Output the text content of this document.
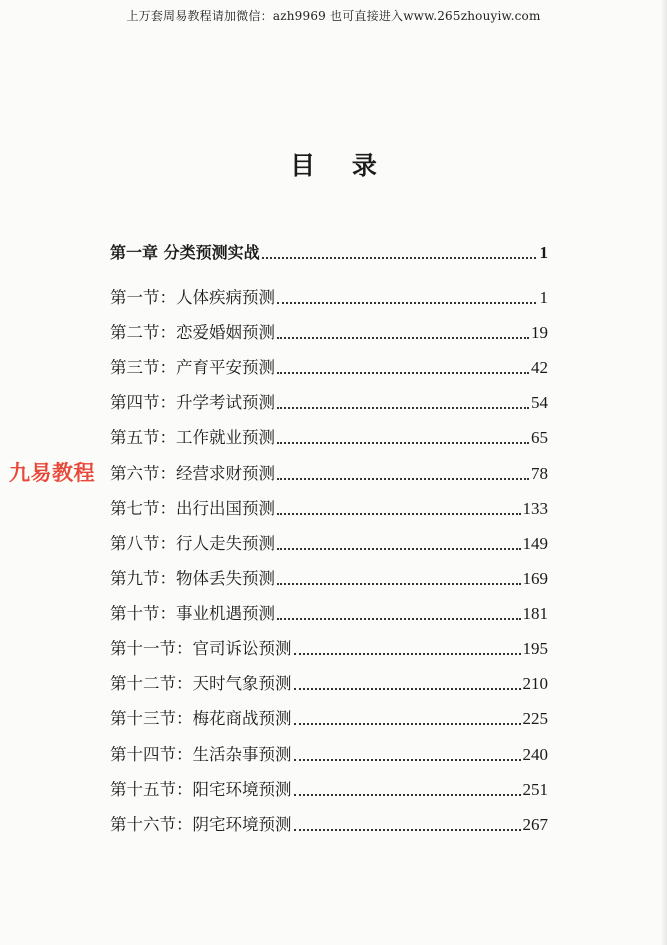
上万套周易教程请加微信：azh9969 也可直接进入www.265zhouyiw.com
目 录
第一章 分类预测实战	1
第一节：人体疾病预测	1
第二节：恋爱婚姻预测	19
第三节：产育平安预测	42
第四节：升学考试预测	54
第五节：工作就业预测	65
第六节：经营求财预测	78
第七节：出行出国预测	133
第八节：行人走失预测	149
第九节：物体丢失预测	169
第十节：事业机遇预测	181
第十一节：官司诉讼预测	195
第十二节：天时气象预测	210
第十三节：梅花商战预测	225
第十四节：生活杂事预测	240
第十五节：阳宅环境预测	251
第十六节：阴宅环境预测	267
九易教程
